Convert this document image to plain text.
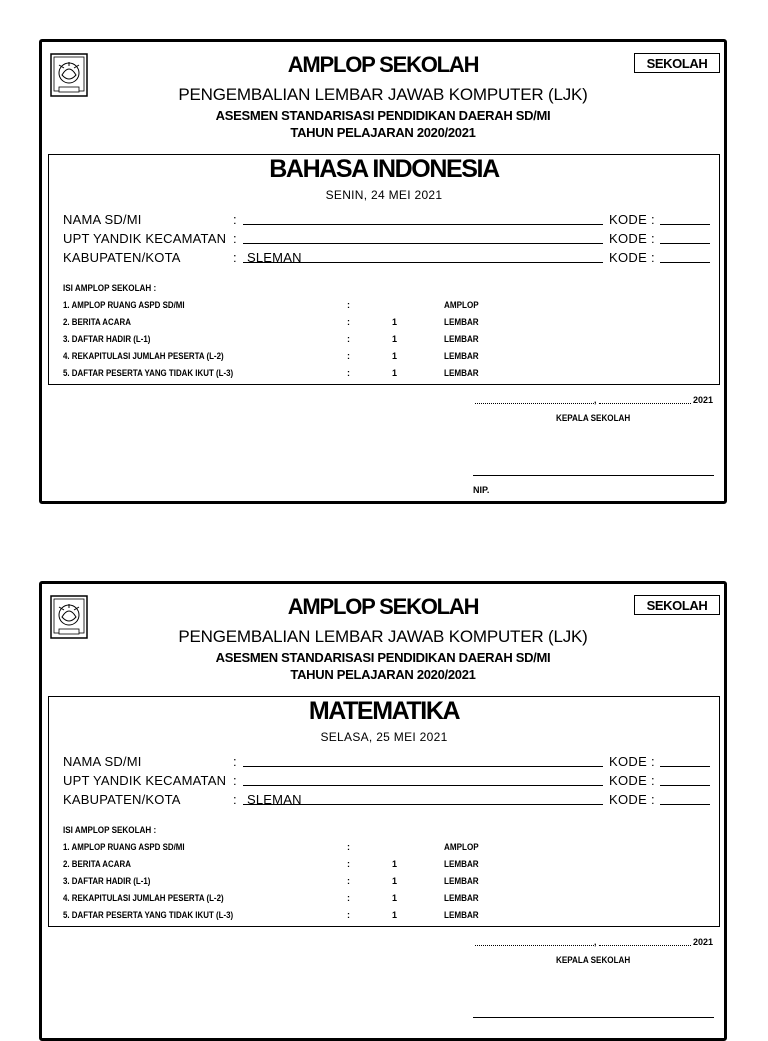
SEKOLAH
AMPLOP SEKOLAH
PENGEMBALIAN LEMBAR JAWAB KOMPUTER (LJK)
ASESMEN STANDARISASI PENDIDIKAN DAERAH SD/MI
TAHUN PELAJARAN 2020/2021
BAHASA INDONESIA
SENIN, 24 MEI 2021
NAMA SD/MI	:	KODE :
UPT YANDIK KECAMATAN :	KODE :
KABUPATEN/KOTA	: SLEMAN	KODE :
ISI AMPLOP SEKOLAH :
1. AMPLOP RUANG ASPD SD/MI	:	AMPLOP
2. BERITA ACARA	:	1	LEMBAR
3. DAFTAR HADIR (L-1)	:	1	LEMBAR
4. REKAPITULASI JUMLAH PESERTA (L-2)	:	1	LEMBAR
5. DAFTAR PESERTA YANG TIDAK IKUT (L-3)	:	1	LEMBAR
,	2021
KEPALA SEKOLAH
NIP.
SEKOLAH
AMPLOP SEKOLAH
PENGEMBALIAN LEMBAR JAWAB KOMPUTER (LJK)
ASESMEN STANDARISASI PENDIDIKAN DAERAH SD/MI
TAHUN PELAJARAN 2020/2021
MATEMATIKA
SELASA, 25 MEI 2021
NAMA SD/MI	:	KODE :
UPT YANDIK KECAMATAN :	KODE :
KABUPATEN/KOTA	: SLEMAN	KODE :
ISI AMPLOP SEKOLAH :
1. AMPLOP RUANG ASPD SD/MI	:	AMPLOP
2. BERITA ACARA	:	1	LEMBAR
3. DAFTAR HADIR (L-1)	:	1	LEMBAR
4. REKAPITULASI JUMLAH PESERTA (L-2)	:	1	LEMBAR
5. DAFTAR PESERTA YANG TIDAK IKUT (L-3)	:	1	LEMBAR
,	2021
KEPALA SEKOLAH
